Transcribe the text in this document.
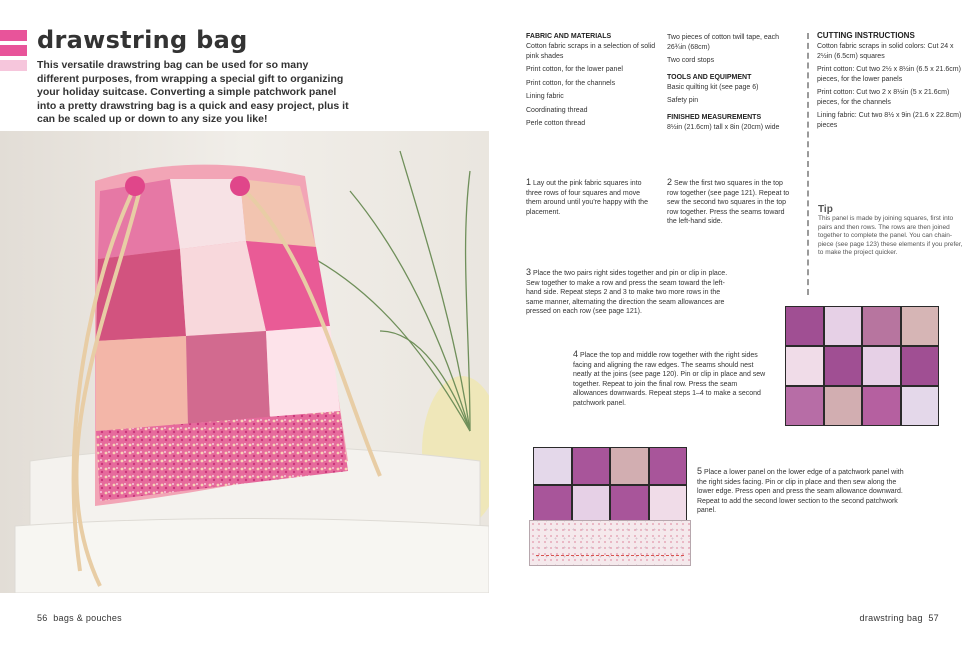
drawstring bag
This versatile drawstring bag can be used for so many different purposes, from wrapping a special gift to organizing your holiday suitcase. Converting a simple patchwork panel into a pretty drawstring bag is a quick and easy project, plus it can be scaled up or down to any size you like!
56 bags & pouches
FABRIC AND MATERIALS
Cotton fabric scraps in a selection of solid pink shades
Print cotton, for the lower panel
Print cotton, for the channels
Lining fabric
Coordinating thread
Perle cotton thread
Two pieces of cotton twill tape, each 26¾in (68cm)
Two cord stops
TOOLS AND EQUIPMENT
Basic quilting kit (see page 6)
Safety pin
FINISHED MEASUREMENTS
8½in (21.6cm) tall x 8in (20cm) wide
CUTTING INSTRUCTIONS
Cotton fabric scraps in solid colors: Cut 24 x 2½in (6.5cm) squares
Print cotton: Cut two 2½ x 8½in (6.5 x 21.6cm) pieces, for the lower panels
Print cotton: Cut two 2 x 8½in (5 x 21.6cm) pieces, for the channels
Lining fabric: Cut two 8½ x 9in (21.6 x 22.8cm) pieces
Tip
This panel is made by joining squares, first into pairs and then rows. The rows are then joined together to complete the panel. You can chain-piece (see page 123) these elements if you prefer, to make the project quicker.
1 Lay out the pink fabric squares into three rows of four squares and move them around until you're happy with the placement.
2 Sew the first two squares in the top row together (see page 121). Repeat to sew the second two squares in the top row together. Press the seams toward the left-hand side.
3 Place the two pairs right sides together and pin or clip in place. Sew together to make a row and press the seam toward the left-hand side. Repeat steps 2 and 3 to make two more rows in the same manner, alternating the direction the seam allowances are pressed on each row (see page 121).
4 Place the top and middle row together with the right sides facing and aligning the raw edges. The seams should nest neatly at the joins (see page 120). Pin or clip in place and sew together. Repeat to join the final row. Press the seam allowances downwards. Repeat steps 1–4 to make a second patchwork panel.
5 Place a lower panel on the lower edge of a patchwork panel with the right sides facing. Pin or clip in place and then sew along the lower edge. Press open and press the seam allowance downward. Repeat to add the second lower section to the second patchwork panel.
drawstring bag 57
